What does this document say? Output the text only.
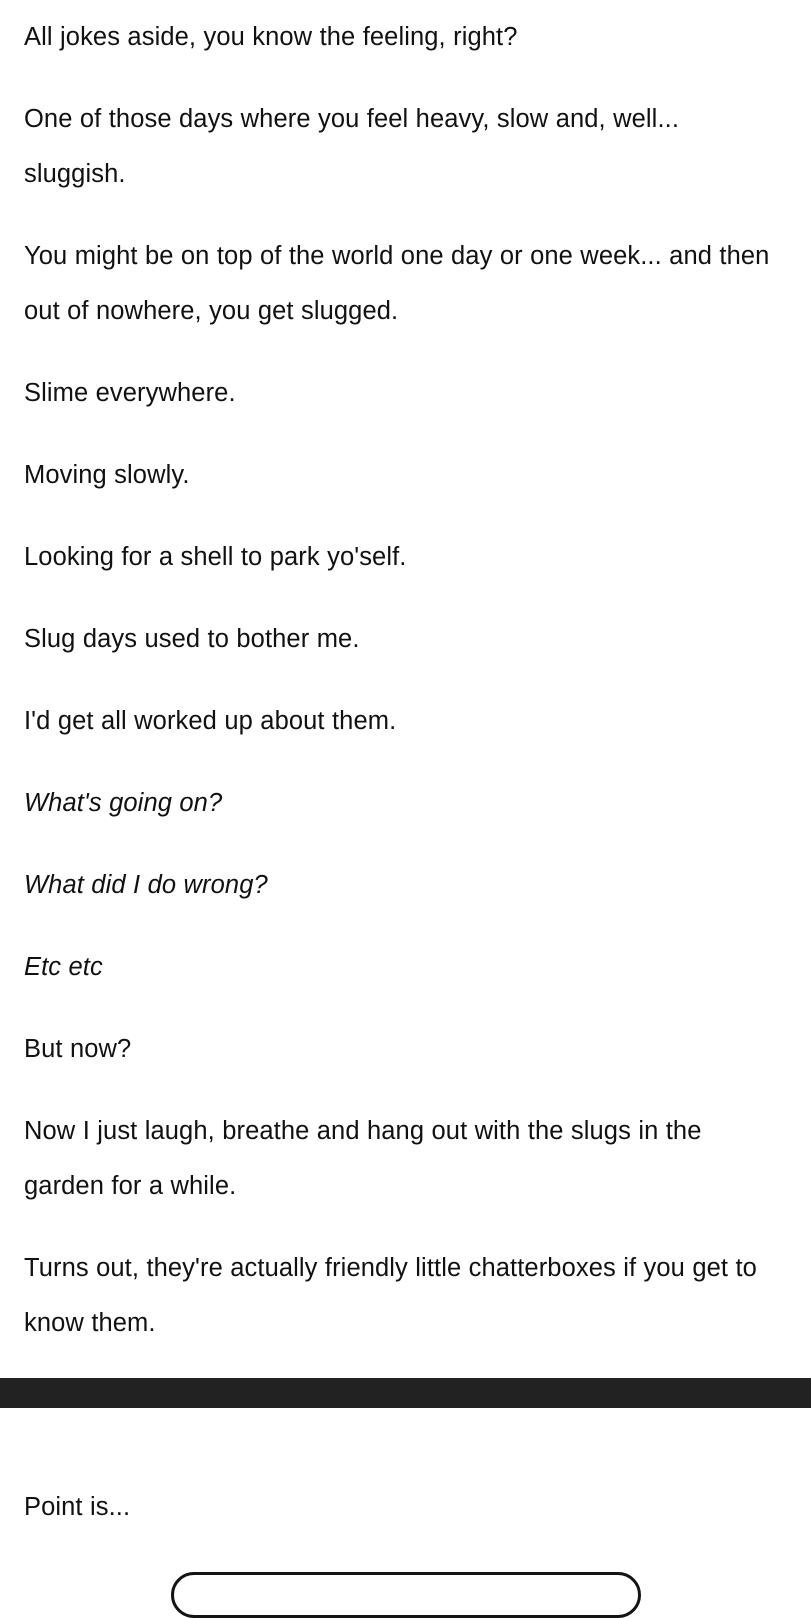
All jokes aside, you know the feeling, right?

One of those days where you feel heavy, slow and, well... sluggish.

You might be on top of the world one day or one week... and then out of nowhere, you get slugged.

Slime everywhere.

Moving slowly.

Looking for a shell to park yo'self.

Slug days used to bother me.

I'd get all worked up about them.

What's going on?

What did I do wrong?

Etc etc

But now?

Now I just laugh, breathe and hang out with the slugs in the garden for a while.

Turns out, they're actually friendly little chatterboxes if you get to know them.

Point is...
